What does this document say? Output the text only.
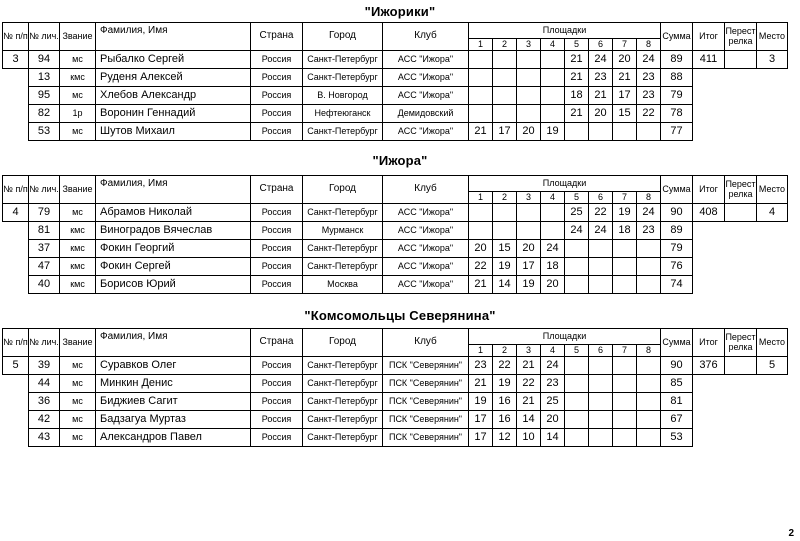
№ п/п	№ лич.	Звание	Фамилия, Имя	Страна	Город	Клуб	Площадки								Сумма	Итог	Перест релка	Место
							1	2	3	4	5	6	7	8				
3	94	мс	Рыбалко Сергей	Россия	Санкт-Петербург	АСС "Ижора"					21	24	20	24	89	411		3
	13	кмс	Руденя Алексей	Россия	Санкт-Петербург	АСС "Ижора"					21	23	21	23	88			
	95	мс	Хлебов Александр	Россия	В. Новгород	АСС "Ижора"					18	21	17	23	79			
	82	1р	Воронин Геннадий	Россия	Нефтеюганск	Демидовский					21	20	15	22	78			
	53	мс	Шутов Михаил	Россия	Санкт-Петербург	АСС "Ижора"	21	17	20	19					77			
№ п/п	№ лич.	Звание	Фамилия, Имя	Страна	Город	Клуб	Площадки								Сумма	Итог	Перест релка	Место
							1	2	3	4	5	6	7	8				
4	79	мс	Абрамов Николай	Россия	Санкт-Петербург	АСС "Ижора"					25	22	19	24	90	408		4
	81	кмс	Виноградов Вячеслав	Россия	Мурманск	АСС "Ижора"					24	24	18	23	89			
	37	кмс	Фокин Георгий	Россия	Санкт-Петербург	АСС "Ижора"	20	15	20	24					79			
	47	кмс	Фокин Сергей	Россия	Санкт-Петербург	АСС "Ижора"	22	19	17	18					76			
	40	кмс	Борисов Юрий	Россия	Москва	АСС "Ижора"	21	14	19	20					74			
№ п/п	№ лич.	Звание	Фамилия, Имя	Страна	Город	Клуб	Площадки								Сумма	Итог	Перест релка	Место
							1	2	3	4	5	6	7	8				
5	39	мс	Суравков Олег	Россия	Санкт-Петербург	ПСК "Северянин"	23	22	21	24					90	376		5
	44	мс	Минкин Денис	Россия	Санкт-Петербург	ПСК "Северянин"	21	19	22	23					85			
	36	мс	Биджиев Сагит	Россия	Санкт-Петербург	ПСК "Северянин"	19	16	21	25					81			
	42	мс	Бадзагуа Муртаз	Россия	Санкт-Петербург	ПСК "Северянин"	17	16	14	20					67			
	43	мс	Александров Павел	Россия	Санкт-Петербург	ПСК "Северянин"	17	12	10	14					53			
2
"Ижорики"
"Ижора"
"Комсомольцы Северянина"
